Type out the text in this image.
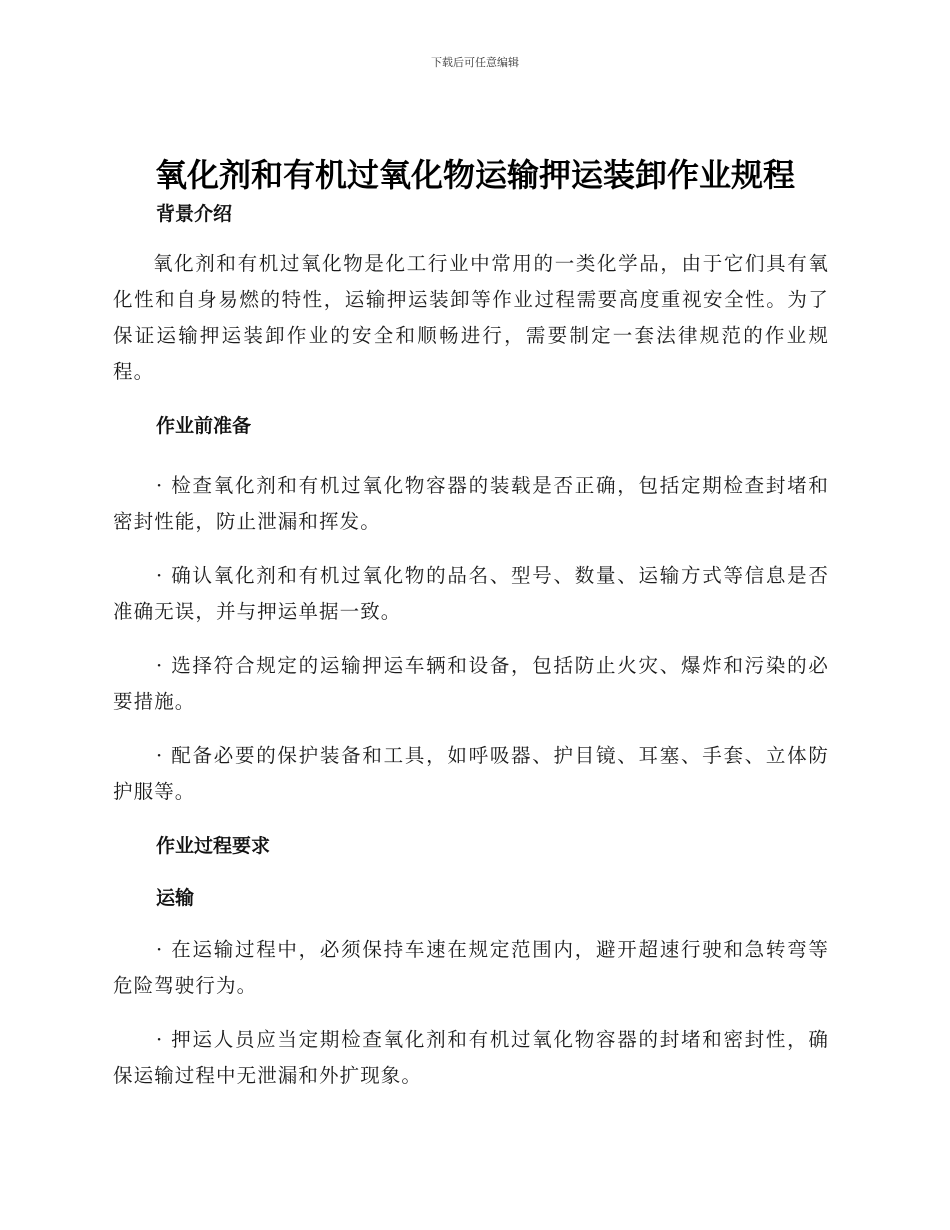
下载后可任意编辑
氧化剂和有机过氧化物运输押运装卸作业规程
背景介绍
氧化剂和有机过氧化物是化工行业中常用的一类化学品，由于它们具有氧化性和自身易燃的特性，运输押运装卸等作业过程需要高度重视安全性。为了保证运输押运装卸作业的安全和顺畅进行，需要制定一套法律规范的作业规程。
作业前准备
· 检查氧化剂和有机过氧化物容器的装载是否正确，包括定期检查封堵和密封性能，防止泄漏和挥发。
· 确认氧化剂和有机过氧化物的品名、型号、数量、运输方式等信息是否准确无误，并与押运单据一致。
· 选择符合规定的运输押运车辆和设备，包括防止火灾、爆炸和污染的必要措施。
· 配备必要的保护装备和工具，如呼吸器、护目镜、耳塞、手套、立体防护服等。
作业过程要求
运输
· 在运输过程中，必须保持车速在规定范围内，避开超速行驶和急转弯等危险驾驶行为。
· 押运人员应当定期检查氧化剂和有机过氧化物容器的封堵和密封性，确保运输过程中无泄漏和外扩现象。
